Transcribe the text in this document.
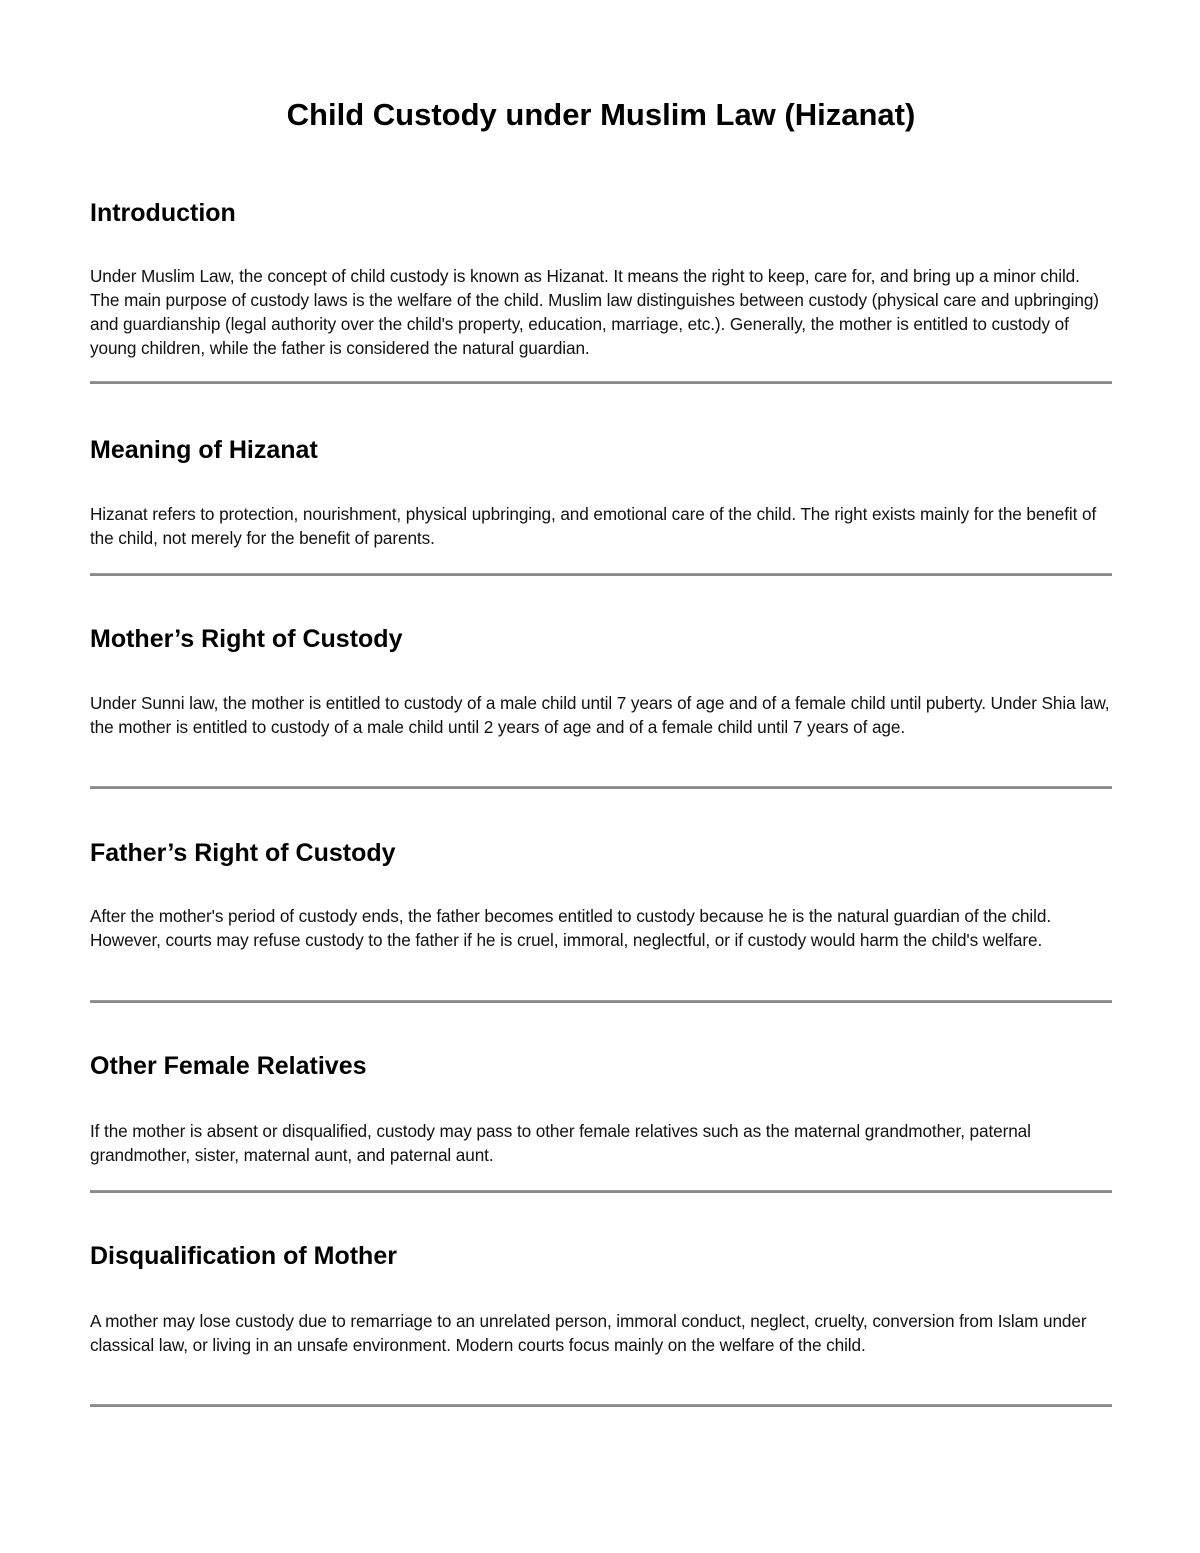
Child Custody under Muslim Law (Hizanat)
Introduction

Under Muslim Law, the concept of child custody is known as Hizanat. It means the right to keep, care for, and bring up a minor child. The main purpose of custody laws is the welfare of the child. Muslim law distinguishes between custody (physical care and upbringing) and guardianship (legal authority over the child's property, education, marriage, etc.). Generally, the mother is entitled to custody of young children, while the father is considered the natural guardian.

Meaning of Hizanat

Hizanat refers to protection, nourishment, physical upbringing, and emotional care of the child. The right exists mainly for the benefit of the child, not merely for the benefit of parents.

Mother’s Right of Custody

Under Sunni law, the mother is entitled to custody of a male child until 7 years of age and of a female child until puberty. Under Shia law, the mother is entitled to custody of a male child until 2 years of age and of a female child until 7 years of age.

Father’s Right of Custody

After the mother's period of custody ends, the father becomes entitled to custody because he is the natural guardian of the child. However, courts may refuse custody to the father if he is cruel, immoral, neglectful, or if custody would harm the child's welfare.

Other Female Relatives

If the mother is absent or disqualified, custody may pass to other female relatives such as the maternal grandmother, paternal grandmother, sister, maternal aunt, and paternal aunt.

Disqualification of Mother

A mother may lose custody due to remarriage to an unrelated person, immoral conduct, neglect, cruelty, conversion from Islam under classical law, or living in an unsafe environment. Modern courts focus mainly on the welfare of the child.
